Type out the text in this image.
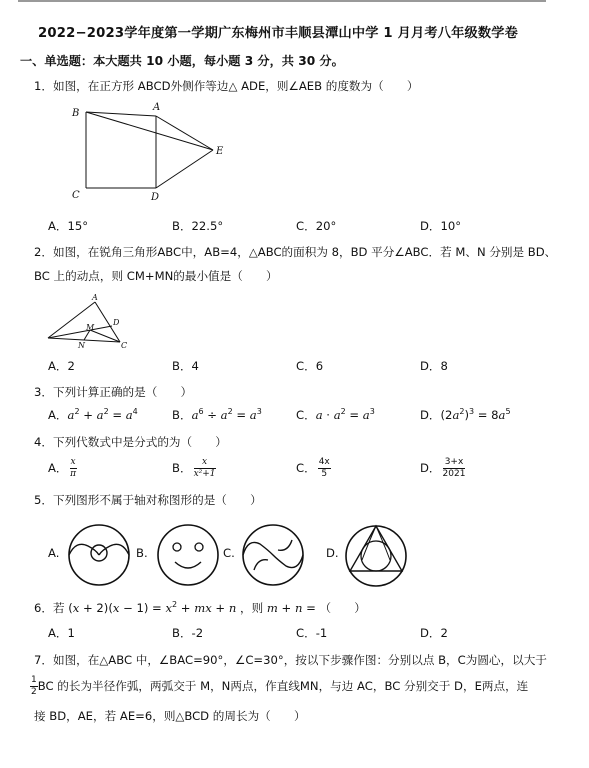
2022−2023学年度第一学期广东梅州市丰顺县潭山中学 1 月月考八年级数学卷
一、单选题：本大题共 10 小题，每小题 3 分，共 30 分。
1．如图，在正方形 ABCD外侧作等边△ ADE，则∠AEB 的度数为（　　）
B
A
E
C	D
A．15°	B．22.5°	C．20°	D．10°
2．如图，在锐角三角形ABC中，AB=4，△ABC的面积为 8，BD 平分∠ABC．若 M、N 分别是 BD、
BC 上的动点，则 CM+MN的最小值是（　　）
A
D
M
N	C
A．2	B．4	C．6	D．8
3．下列计算正确的是（　　）
A．$a^2 + a^2 = a^4$	B．$a^6 \div a^2 = a^3$	C．$a \cdot a^2 = a^3$	D．$(2a^2)^3 = 8a^5$
4．下列代数式中是分式的为（　　）
A． $\frac{x}{\pi}$	B． $\frac{x}{\text{x²+1}}$	C． $\frac{4x}{5}$	D． $\frac{3+x}{2021}$
5．下列图形不属于轴对称图形的是（　　）
A.	B.	C.	D.
6．若 $(x + 2)(x - 1) = x^2$ + mx + n ，则 m + n = （　　）
A．1	B．-2	C．-1	D．2
7．如图，在△ABC 中，∠BAC=90°，∠C=30°，按以下步骤作图：分别以点 B，C为圆心，以大于
$\frac{1}{2}$ BC 的长为半径作弧，两弧交于 M，N两点，作直线MN，与边 AC，BC 分别交于 D，E两点，连
接 BD，AE，若 AE=6，则△BCD 的周长为（　　）
